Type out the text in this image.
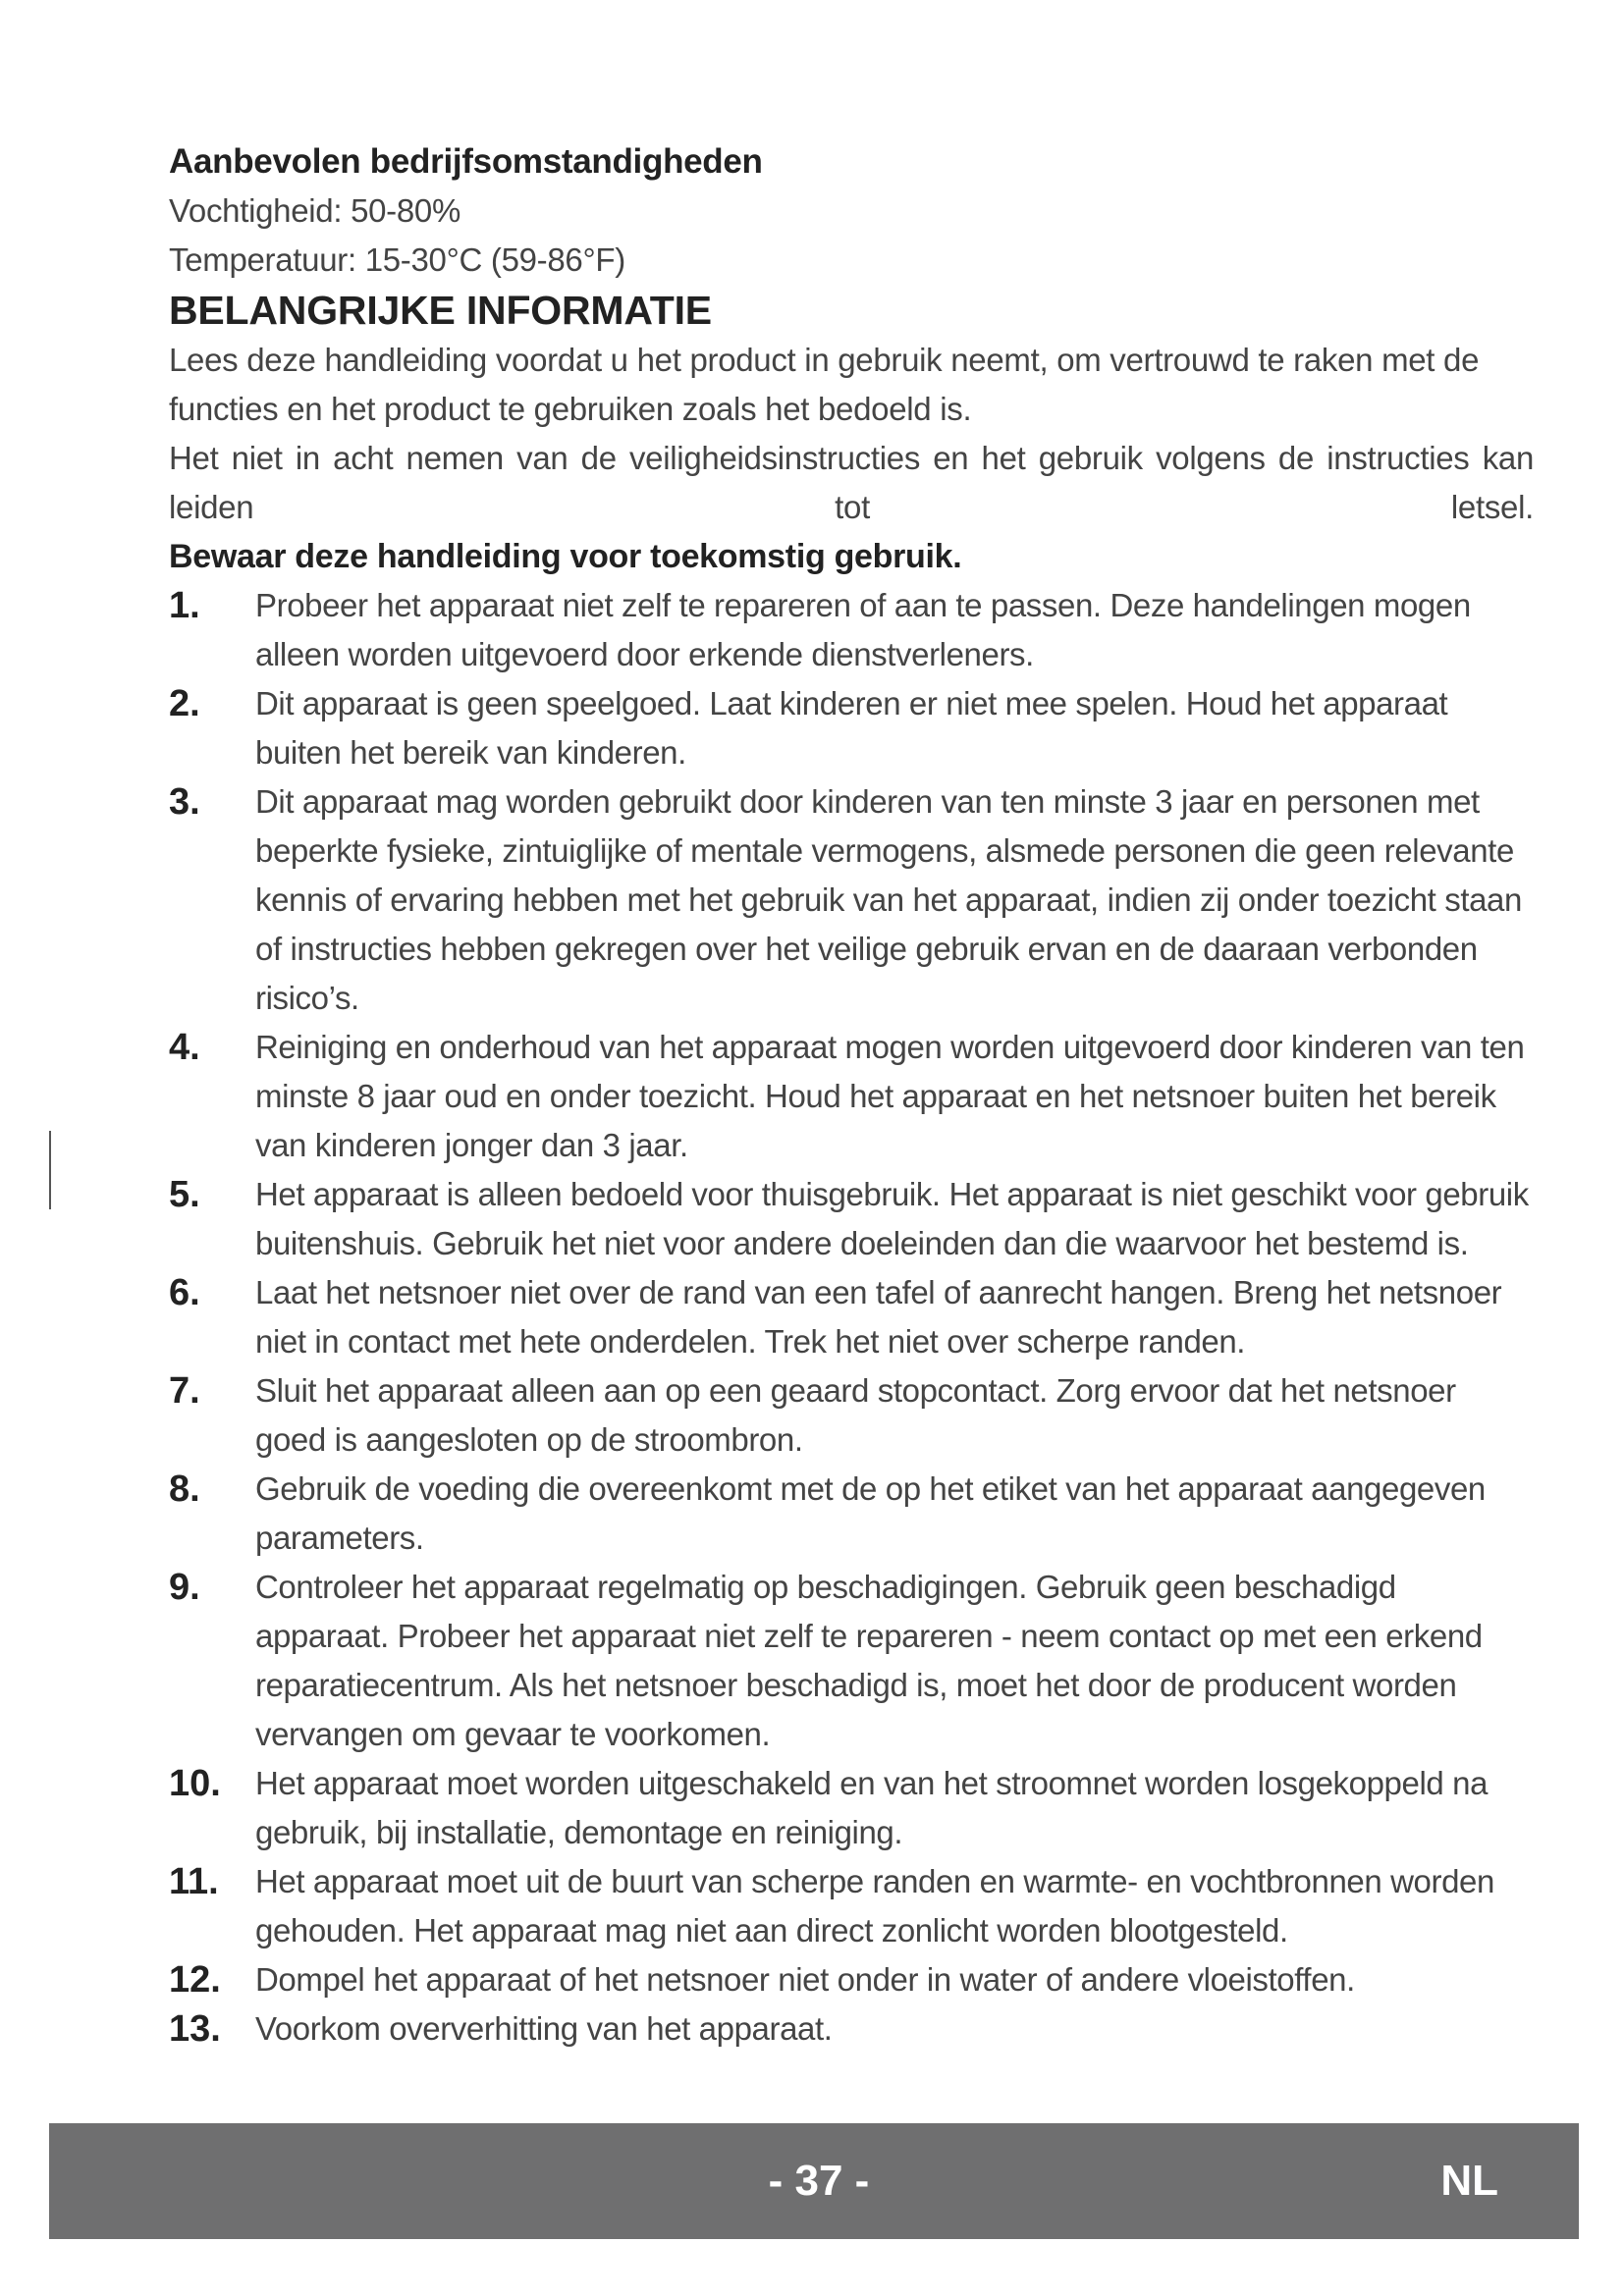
Aanbevolen bedrijfsomstandigheden
Vochtigheid: 50-80%
Temperatuur: 15-30°C (59-86°F)
BELANGRIJKE INFORMATIE
Lees deze handleiding voordat u het product in gebruik neemt, om vertrouwd te raken met de functies en het product te gebruiken zoals het bedoeld is.
Het niet in acht nemen van de veiligheidsinstructies en het gebruik volgens de instructies kan leiden tot letsel.
Bewaar deze handleiding voor toekomstig gebruik.
1. Probeer het apparaat niet zelf te repareren of aan te passen. Deze handelingen mogen alleen worden uitgevoerd door erkende dienstverleners.
2. Dit apparaat is geen speelgoed. Laat kinderen er niet mee spelen. Houd het apparaat buiten het bereik van kinderen.
3. Dit apparaat mag worden gebruikt door kinderen van ten minste 3 jaar en personen met beperkte fysieke, zintuiglijke of mentale vermogens, alsmede personen die geen relevante kennis of ervaring hebben met het gebruik van het apparaat, indien zij onder toezicht staan of instructies hebben gekregen over het veilige gebruik ervan en de daaraan verbonden risico’s.
4. Reiniging en onderhoud van het apparaat mogen worden uitgevoerd door kinderen van ten minste 8 jaar oud en onder toezicht. Houd het apparaat en het netsnoer buiten het bereik van kinderen jonger dan 3 jaar.
5. Het apparaat is alleen bedoeld voor thuisgebruik. Het apparaat is niet geschikt voor gebruik buitenshuis. Gebruik het niet voor andere doeleinden dan die waarvoor het bestemd is.
6. Laat het netsnoer niet over de rand van een tafel of aanrecht hangen. Breng het netsnoer niet in contact met hete onderdelen. Trek het niet over scherpe randen.
7. Sluit het apparaat alleen aan op een geaard stopcontact. Zorg ervoor dat het netsnoer goed is aangesloten op de stroombron.
8. Gebruik de voeding die overeenkomt met de op het etiket van het apparaat aangegeven parameters.
9. Controleer het apparaat regelmatig op beschadigingen. Gebruik geen beschadigd apparaat. Probeer het apparaat niet zelf te repareren - neem contact op met een erkend reparatiecentrum. Als het netsnoer beschadigd is, moet het door de producent worden vervangen om gevaar te voorkomen.
10. Het apparaat moet worden uitgeschakeld en van het stroomnet worden losgekoppeld na gebruik, bij installatie, demontage en reiniging.
11. Het apparaat moet uit de buurt van scherpe randen en warmte- en vochtbronnen worden gehouden. Het apparaat mag niet aan direct zonlicht worden blootgesteld.
12. Dompel het apparaat of het netsnoer niet onder in water of andere vloeistoffen.
13. Voorkom oververhitting van het apparaat.
- 37 -	NL
